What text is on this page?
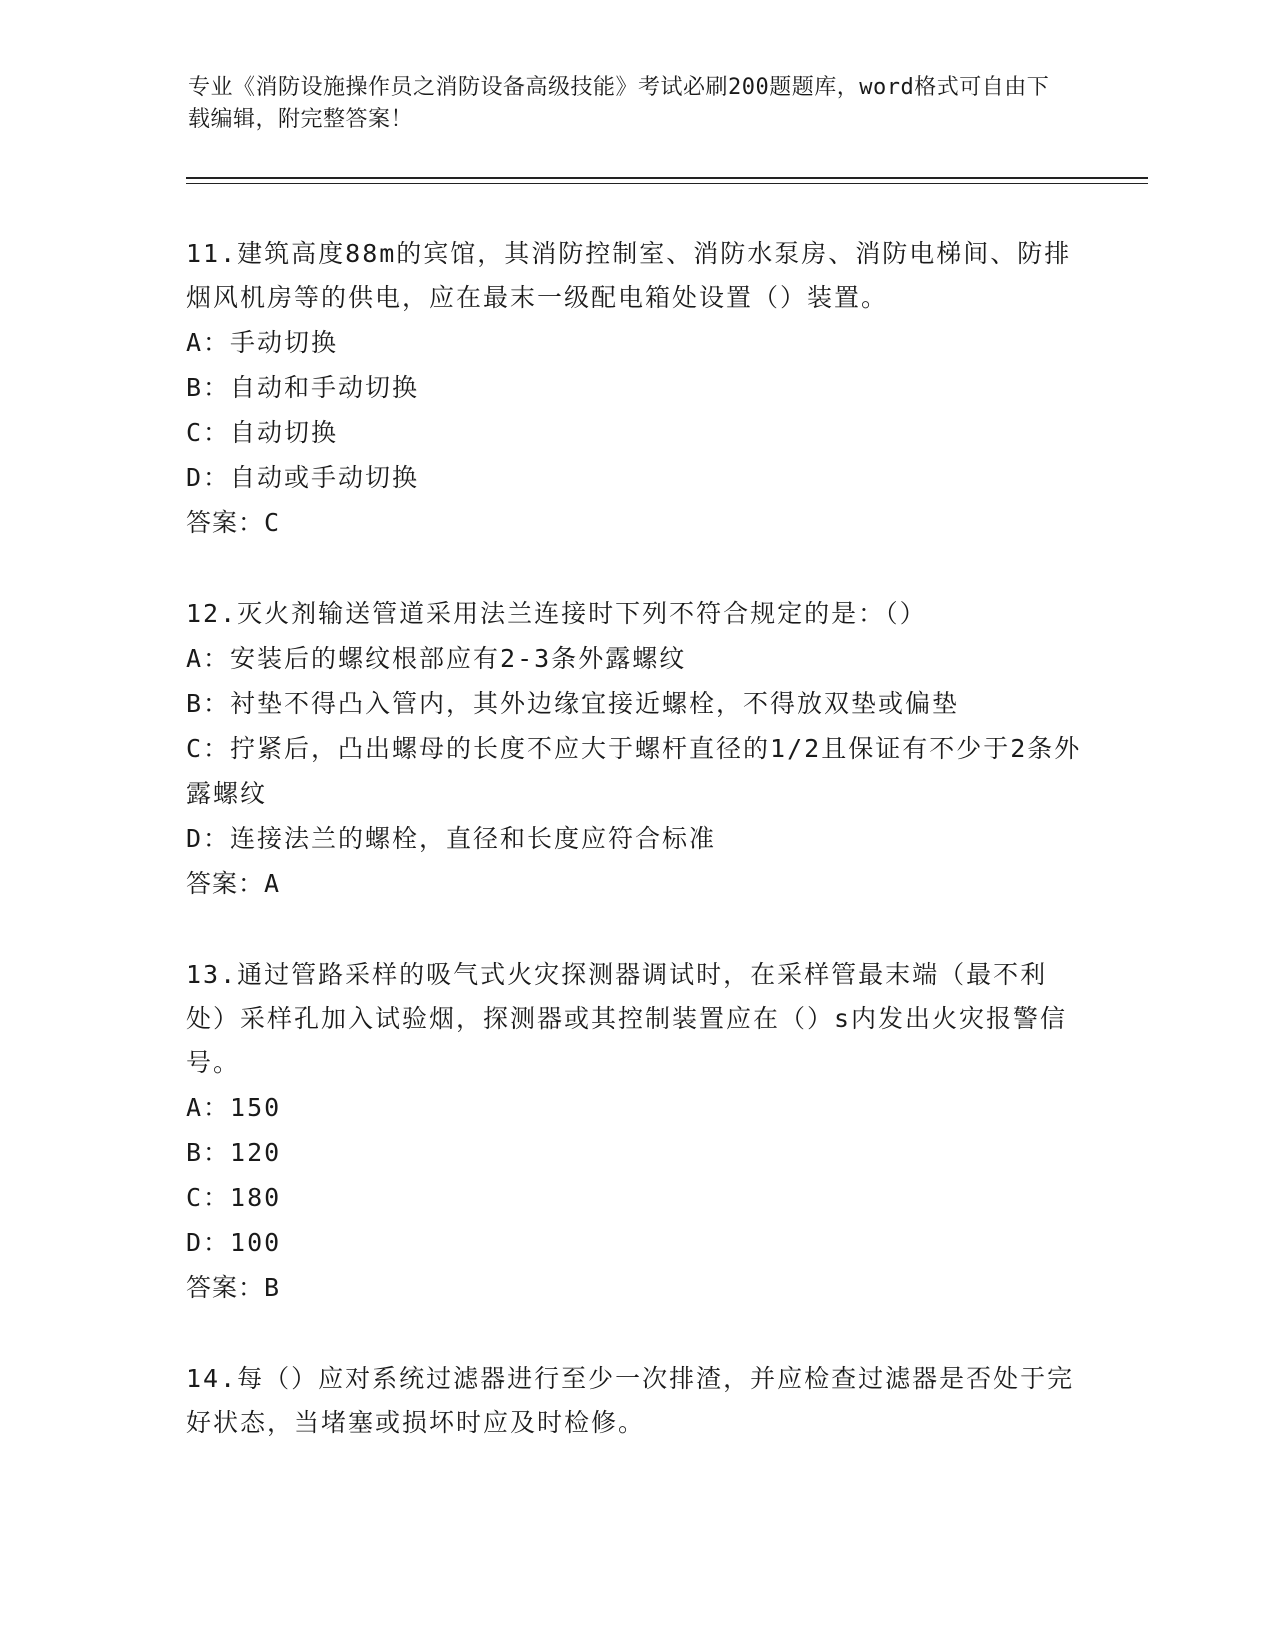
专业《消防设施操作员之消防设备高级技能》考试必刷200题题库，word格式可自由下载编辑，附完整答案！

11.建筑高度88m的宾馆，其消防控制室、消防水泵房、消防电梯间、防排烟风机房等的供电，应在最末一级配电箱处设置（）装置。

A：手动切换

B：自动和手动切换

C：自动切换

D：自动或手动切换

答案：C

12.灭火剂输送管道采用法兰连接时下列不符合规定的是：（）

A：安装后的螺纹根部应有2-3条外露螺纹

B：衬垫不得凸入管内，其外边缘宜接近螺栓，不得放双垫或偏垫

C：拧紧后，凸出螺母的长度不应大于螺杆直径的1/2且保证有不少于2条外露螺纹

D：连接法兰的螺栓，直径和长度应符合标准

答案：A

13.通过管路采样的吸气式火灾探测器调试时，在采样管最末端（最不利处）采样孔加入试验烟，探测器或其控制装置应在（）s内发出火灾报警信号。

A：150

B：120

C：180

D：100

答案：B

14.每（）应对系统过滤器进行至少一次排渣，并应检查过滤器是否处于完好状态，当堵塞或损坏时应及时检修。
